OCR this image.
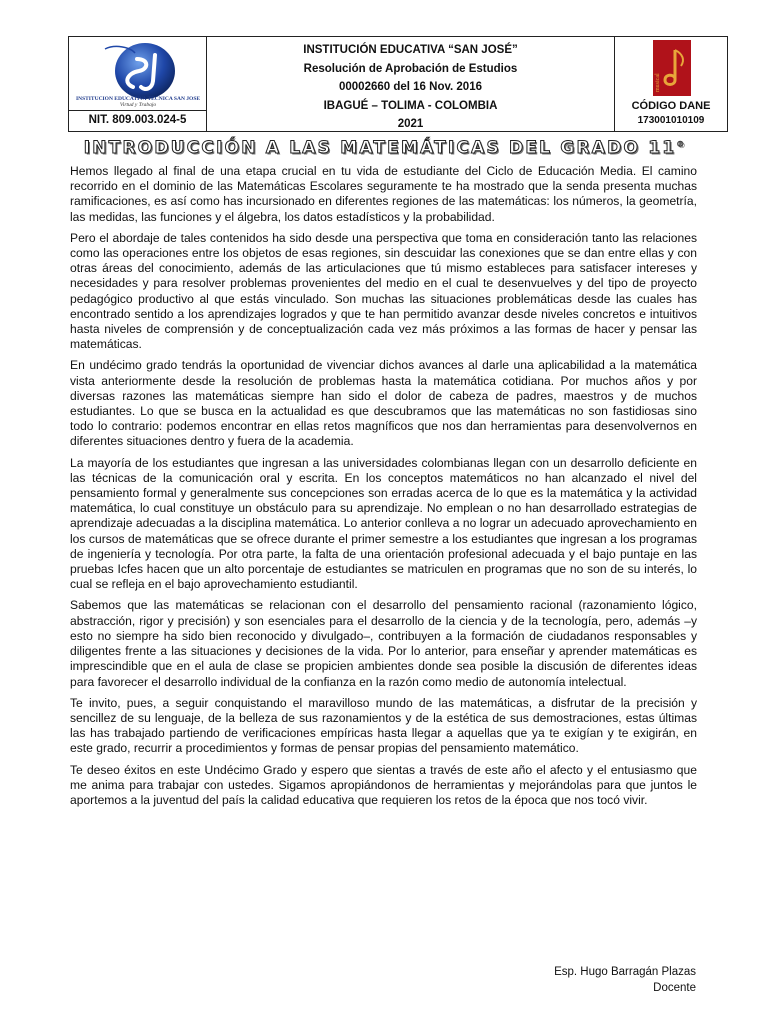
INSTITUCION EDUCATIVA TECNICA SAN JOSE
Virtud y Trabajo
NIT. 809.003.024-5
INSTITUCIÓN EDUCATIVA “SAN JOSÉ”
Resolución de Aprobación de Estudios
00002660 del 16 Nov. 2016
IBAGUÉ – TOLIMA - COLOMBIA
2021
musical
CÓDIGO DANE
173001010109
INTRODUCCIÓN A LAS MATEMÁTICAS DEL GRADO 11®

Hemos llegado al final de una etapa crucial en tu vida de estudiante del Ciclo de Educación Media. El camino recorrido en el dominio de las Matemáticas Escolares seguramente te ha mostrado que la senda presenta muchas ramificaciones, es así como has incursionado en diferentes regiones de las matemáticas: los números, la geometría, las medidas, las funciones y el álgebra, los datos estadísticos y la probabilidad.

Pero el abordaje de tales contenidos ha sido desde una perspectiva que toma en consideración tanto las relaciones como las operaciones entre los objetos de esas regiones, sin descuidar las conexiones que se dan entre ellas y con otras áreas del conocimiento, además de las articulaciones que tú mismo estableces para satisfacer intereses y necesidades y para resolver problemas provenientes del medio en el cual te desenvuelves y del tipo de proyecto pedagógico productivo al que estás vinculado. Son muchas las situaciones problemáticas desde las cuales has encontrado sentido a los aprendizajes logrados y que te han permitido avanzar desde niveles concretos e intuitivos hasta niveles de comprensión y de conceptualización cada vez más próximos a las formas de hacer y pensar las matemáticas.

En undécimo grado tendrás la oportunidad de vivenciar dichos avances al darle una aplicabilidad a la matemática vista anteriormente desde la resolución de problemas hasta la matemática cotidiana. Por muchos años y por diversas razones las matemáticas siempre han sido el dolor de cabeza de padres, maestros y de muchos estudiantes. Lo que se busca en la actualidad es que descubramos que las matemáticas no son fastidiosas sino todo lo contrario: podemos encontrar en ellas retos magníficos que nos dan herramientas para desenvolvernos en diferentes situaciones dentro y fuera de la academia.

La mayoría de los estudiantes que ingresan a las universidades colombianas llegan con un desarrollo deficiente en las técnicas de la comunicación oral y escrita. En los conceptos matemáticos no han alcanzado el nivel del pensamiento formal y generalmente sus concepciones son erradas acerca de lo que es la matemática y la actividad matemática, lo cual constituye un obstáculo para su aprendizaje. No emplean o no han desarrollado estrategias de aprendizaje adecuadas a la disciplina matemática. Lo anterior conlleva a no lograr un adecuado aprovechamiento en los cursos de matemáticas que se ofrece durante el primer semestre a los estudiantes que ingresan a los programas de ingeniería y tecnología. Por otra parte, la falta de una orientación profesional adecuada y el bajo puntaje en las pruebas Icfes hacen que un alto porcentaje de estudiantes se matriculen en programas que no son de su interés, lo cual se refleja en el bajo aprovechamiento estudiantil.

Sabemos que las matemáticas se relacionan con el desarrollo del pensamiento racional (razonamiento lógico, abstracción, rigor y precisión) y son esenciales para el desarrollo de la ciencia y de la tecnología, pero, además –y esto no siempre ha sido bien reconocido y divulgado–, contribuyen a la formación de ciudadanos responsables y diligentes frente a las situaciones y decisiones de la vida. Por lo anterior, para enseñar y aprender matemáticas es imprescindible que en el aula de clase se propicien ambientes donde sea posible la discusión de diferentes ideas para favorecer el desarrollo individual de la confianza en la razón como medio de autonomía intelectual.

Te invito, pues, a seguir conquistando el maravilloso mundo de las matemáticas, a disfrutar de la precisión y sencillez de su lenguaje, de la belleza de sus razonamientos y de la estética de sus demostraciones, estas últimas las has trabajado partiendo de verificaciones empíricas hasta llegar a aquellas que ya te exigían y te exigirán, en este grado, recurrir a procedimientos y formas de pensar propias del pensamiento matemático.

Te deseo éxitos en este Undécimo Grado y espero que sientas a través de este año el afecto y el entusiasmo que me anima para trabajar con ustedes. Sigamos apropiándonos de herramientas y mejorándolas para que juntos le aportemos a la juventud del país la calidad educativa que requieren los retos de la época que nos tocó vivir.

Esp. Hugo Barragán Plazas
Docente
